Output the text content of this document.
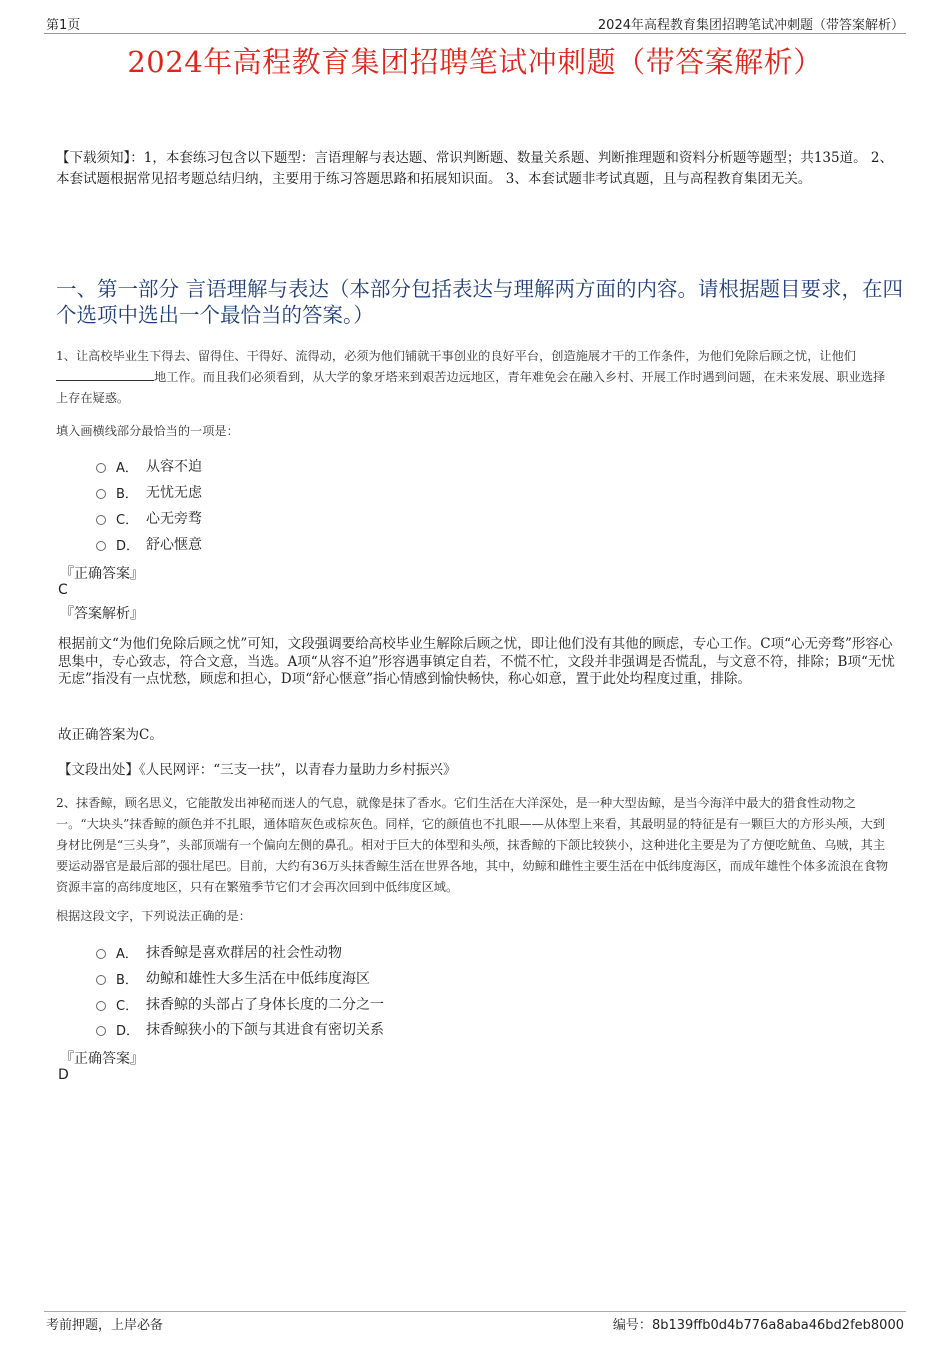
第1页	2024年高程教育集团招聘笔试冲刺题（带答案解析）
2024年高程教育集团招聘笔试冲刺题（带答案解析）
【下载须知】：1，本套练习包含以下题型：言语理解与表达题、常识判断题、数量关系题、判断推理题和资料分析题等题型；共135道。 2、本套试题根据常见招考题总结归纳，主要用于练习答题思路和拓展知识面。 3、本套试题非考试真题，且与高程教育集团无关。
一、第一部分 言语理解与表达（本部分包括表达与理解两方面的内容。请根据题目要求，在四个选项中选出一个最恰当的答案。）
1、让高校毕业生下得去、留得住、干得好、流得动，必须为他们铺就干事创业的良好平台，创造施展才干的工作条件，为他们免除后顾之忧，让他们地工作。而且我们必须看到，从大学的象牙塔来到艰苦边远地区，青年难免会在融入乡村、开展工作时遇到问题，在未来发展、职业选择上存在疑惑。
填入画横线部分最恰当的一项是：
A． 从容不迫
B． 无忧无虑
C． 心无旁骛
D． 舒心惬意
『正确答案』
C
『答案解析』
根据前文“为他们免除后顾之忧”可知，文段强调要给高校毕业生解除后顾之忧，即让他们没有其他的顾虑，专心工作。C项“心无旁骛”形容心思集中，专心致志，符合文意，当选。A项“从容不迫”形容遇事镇定自若，不慌不忙，文段并非强调是否慌乱，与文意不符，排除；B项“无忧无虑”指没有一点忧愁，顾虑和担心，D项“舒心惬意”指心情感到愉快畅快，称心如意，置于此处均程度过重，排除。
故正确答案为C。
【文段出处】《人民网评：“三支一扶”，以青春力量助力乡村振兴》
2、抹香鲸，顾名思义，它能散发出神秘而迷人的气息，就像是抹了香水。它们生活在大洋深处，是一种大型齿鲸，是当今海洋中最大的猎食性动物之一。“大块头”抹香鲸的颜色并不扎眼，通体暗灰色或棕灰色。同样，它的颜值也不扎眼——从体型上来看，其最明显的特征是有一颗巨大的方形头颅，大到身材比例是“三头身”，头部顶端有一个偏向左侧的鼻孔。相对于巨大的体型和头颅，抹香鲸的下颌比较狭小，这种进化主要是为了方便吃鱿鱼、乌贼，其主要运动器官是最后部的强壮尾巴。目前，大约有36万头抹香鲸生活在世界各地，其中，幼鲸和雌性主要生活在中低纬度海区，而成年雄性个体多流浪在食物资源丰富的高纬度地区，只有在繁殖季节它们才会再次回到中低纬度区域。
根据这段文字，下列说法正确的是：
A． 抹香鲸是喜欢群居的社会性动物
B． 幼鲸和雄性大多生活在中低纬度海区
C． 抹香鲸的头部占了身体长度的二分之一
D． 抹香鲸狭小的下颌与其进食有密切关系
『正确答案』
D
考前押题，上岸必备	编号：8b139ffb0d4b776a8aba46bd2feb8000
